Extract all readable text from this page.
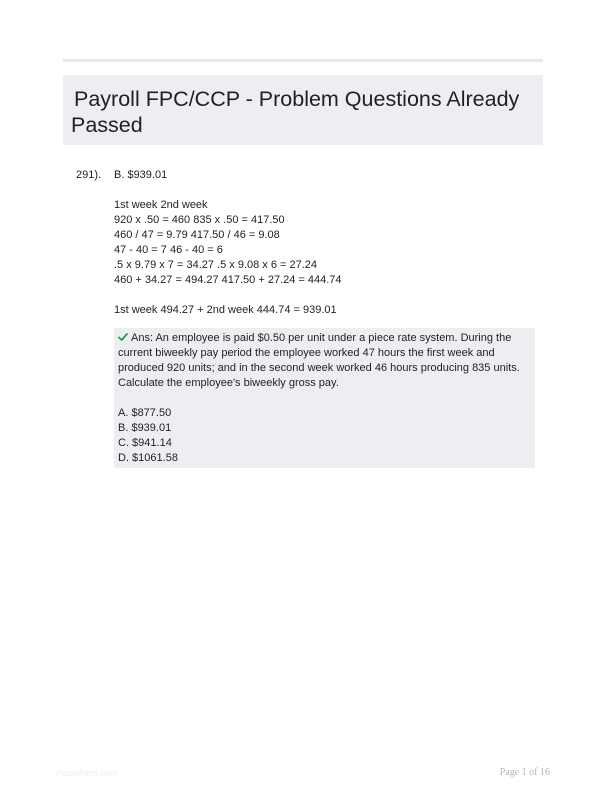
Payroll FPC/CCP - Problem Questions Already
Passed
291). B. $939.01

1st week 2nd week

920 x .50 = 460 835 x .50 = 417.50

460 / 47 = 9.79 417.50 / 46 = 9.08

47 - 40 = 7 46 - 40 = 6

.5 x 9.79 x 7 = 34.27 .5 x 9.08 x 6 = 27.24

460 + 34.27 = 494.27 417.50 + 27.24 = 444.74

1st week 494.27 + 2nd week 444.74 = 939.01

Ans: An employee is paid $0.50 per unit under a piece rate system. During the current biweekly pay period the employee worked 47 hours the first week and produced 920 units; and in the second week worked 46 hours producing 835 units. Calculate the employee's biweekly gross pay.

A. $877.50

B. $939.01

C. $941.14

D. $1061.58

PaperNibs.com	Page 1 of 16
